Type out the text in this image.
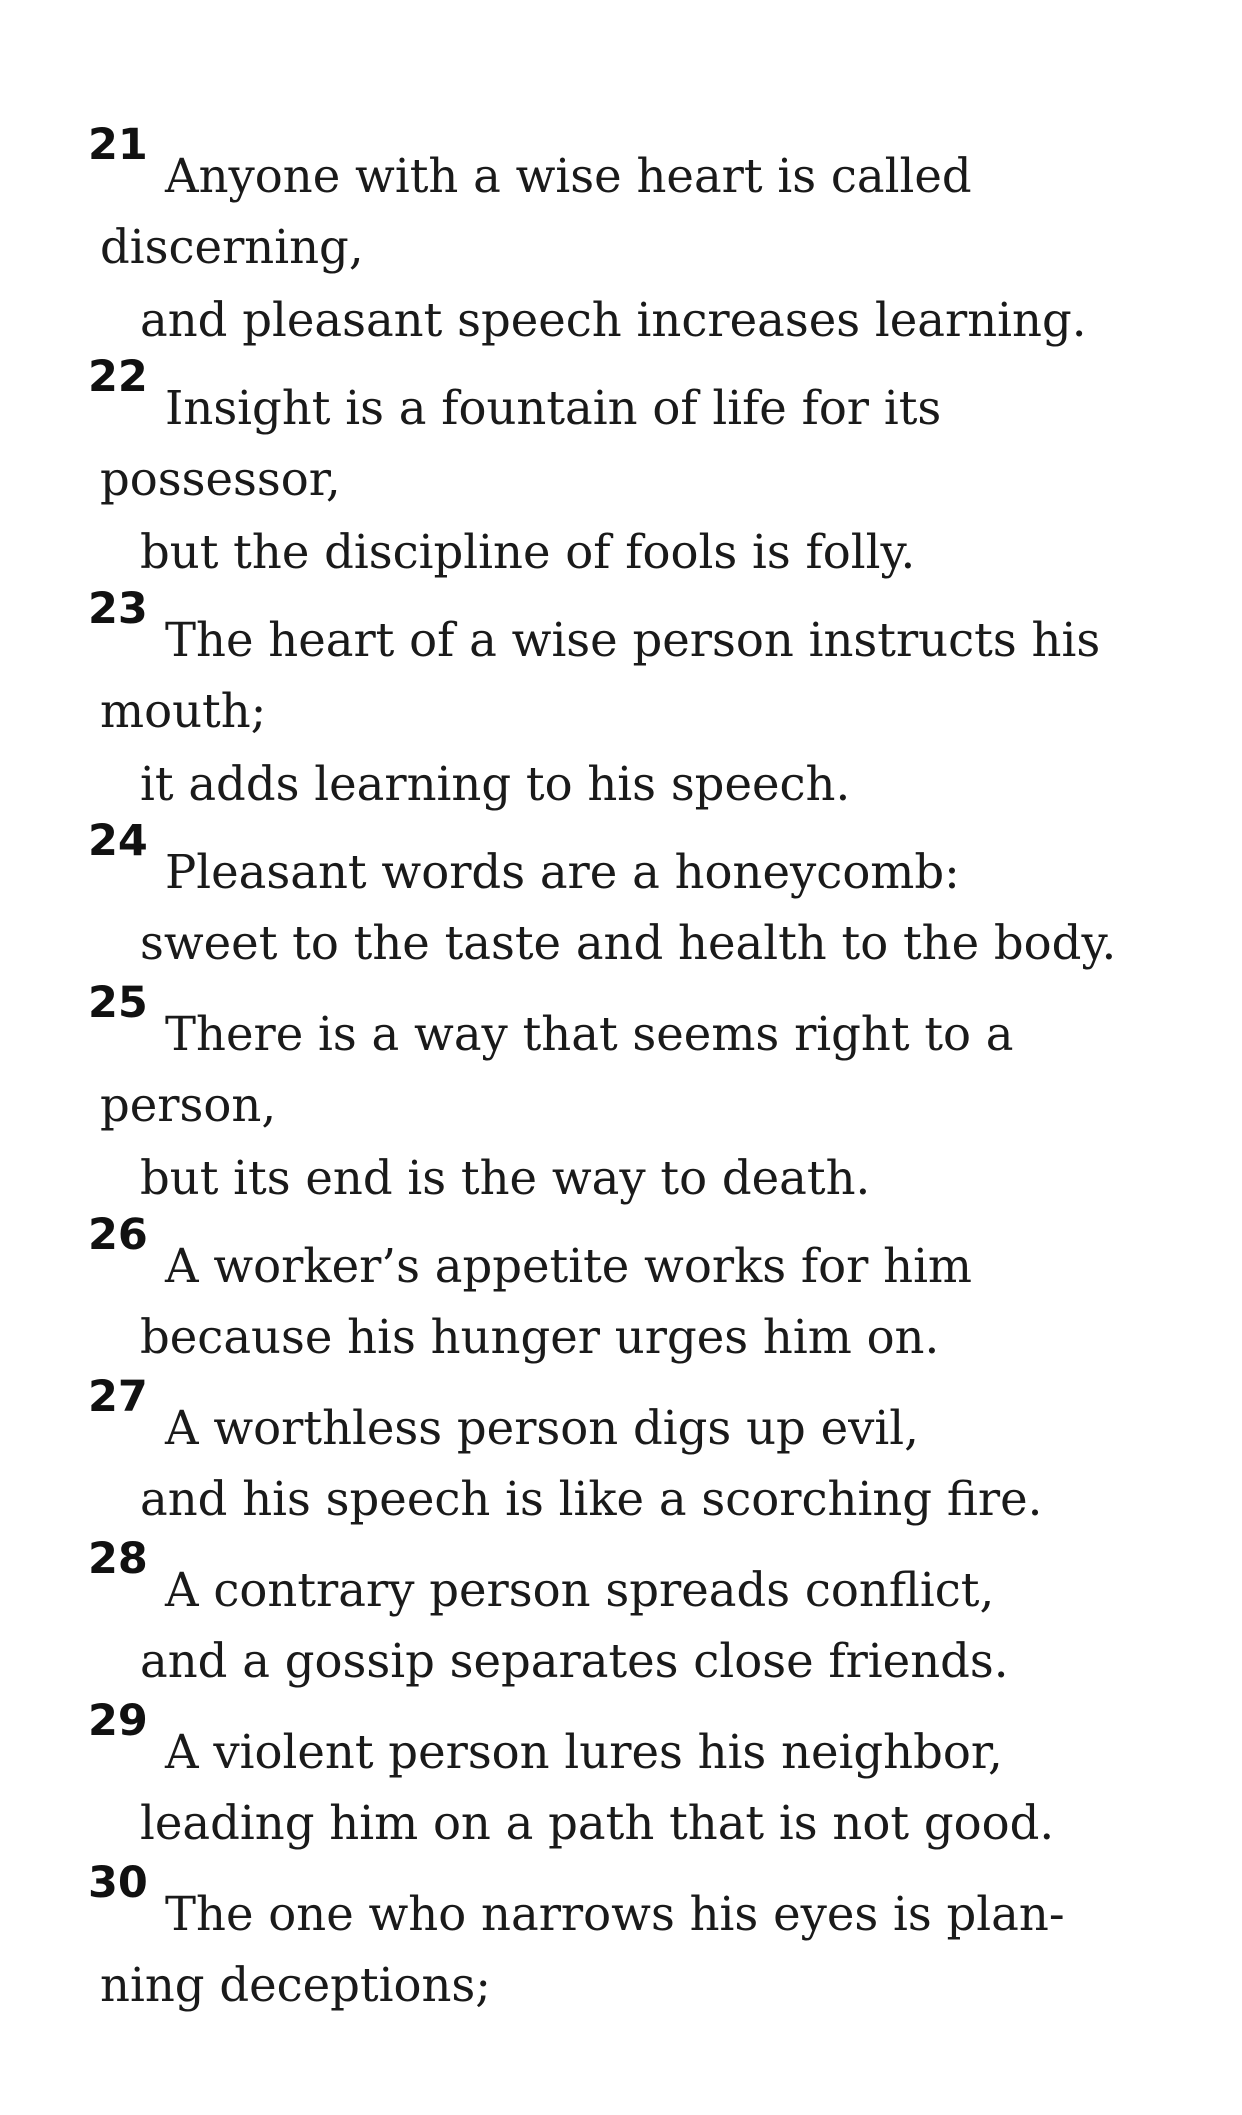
21
Anyone with a wise heart is called
discerning,
and pleasant speech increases learning.
22
Insight is a fountain of life for its
possessor,
but the discipline of fools is folly.
23
The heart of a wise person instructs his
mouth;
it adds learning to his speech.
24
Pleasant words are a honeycomb:
sweet to the taste and health to the body.
25
There is a way that seems right to a
person,
but its end is the way to death.
26
A worker’s appetite works for him
because his hunger urges him on.
27
A worthless person digs up evil,
and his speech is like a scorching fire.
28
A contrary person spreads conflict,
and a gossip separates close friends.
29
A violent person lures his neighbor,
leading him on a path that is not good.
30
The one who narrows his eyes is plan-
ning deceptions;
